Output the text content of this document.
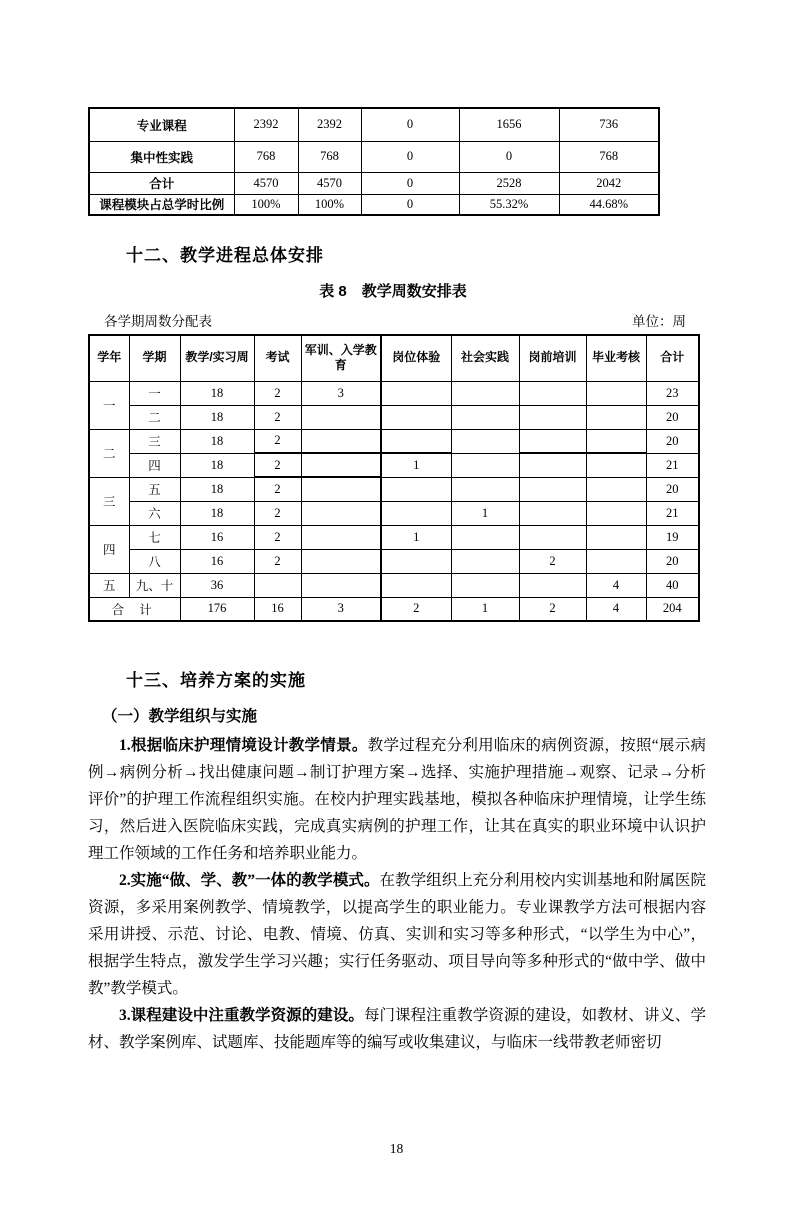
专业课程	2392	2392	0	1656	736
集中性实践	768	768	0	0	768
合计	4570	4570	0	2528	2042
课程模块占总学时比例	100%	100%	0	55.32%	44.68%
十二、教学进程总体安排
表 8　教学周数安排表
各学期周数分配表	单位：周
学年	学期	教学/实习周	考试	军训、入学教育	岗位体验	社会实践	岗前培训	毕业考核	合计
一	一	18	2	3					23
	二	18	2						20
二	三	18	2						20
	四	18	2		1				21
三	五	18	2						20
	六	18	2			1			21
四	七	16	2		1				19
	八	16	2				2		20
五	九、十	36						4	40
合 计		176	16	3	2	1	2	4	204
十三、培养方案的实施
（一）教学组织与实施

1.根据临床护理情境设计教学情景。教学过程充分利用临床的病例资源，按照“展示病例→病例分析→找出健康问题→制订护理方案→选择、实施护理措施→观察、记录→分析评价”的护理工作流程组织实施。在校内护理实践基地，模拟各种临床护理情境，让学生练习，然后进入医院临床实践，完成真实病例的护理工作，让其在真实的职业环境中认识护理工作领域的工作任务和培养职业能力。

2.实施“做、学、教”一体的教学模式。在教学组织上充分利用校内实训基地和附属医院资源，多采用案例教学、情境教学，以提高学生的职业能力。专业课教学方法可根据内容采用讲授、示范、讨论、电教、情境、仿真、实训和实习等多种形式，“以学生为中心”，根据学生特点，激发学生学习兴趣；实行任务驱动、项目导向等多种形式的“做中学、做中教”教学模式。

3.课程建设中注重教学资源的建设。每门课程注重教学资源的建设，如教材、讲义、学材、教学案例库、试题库、技能题库等的编写或收集建议，与临床一线带教老师密切

18
